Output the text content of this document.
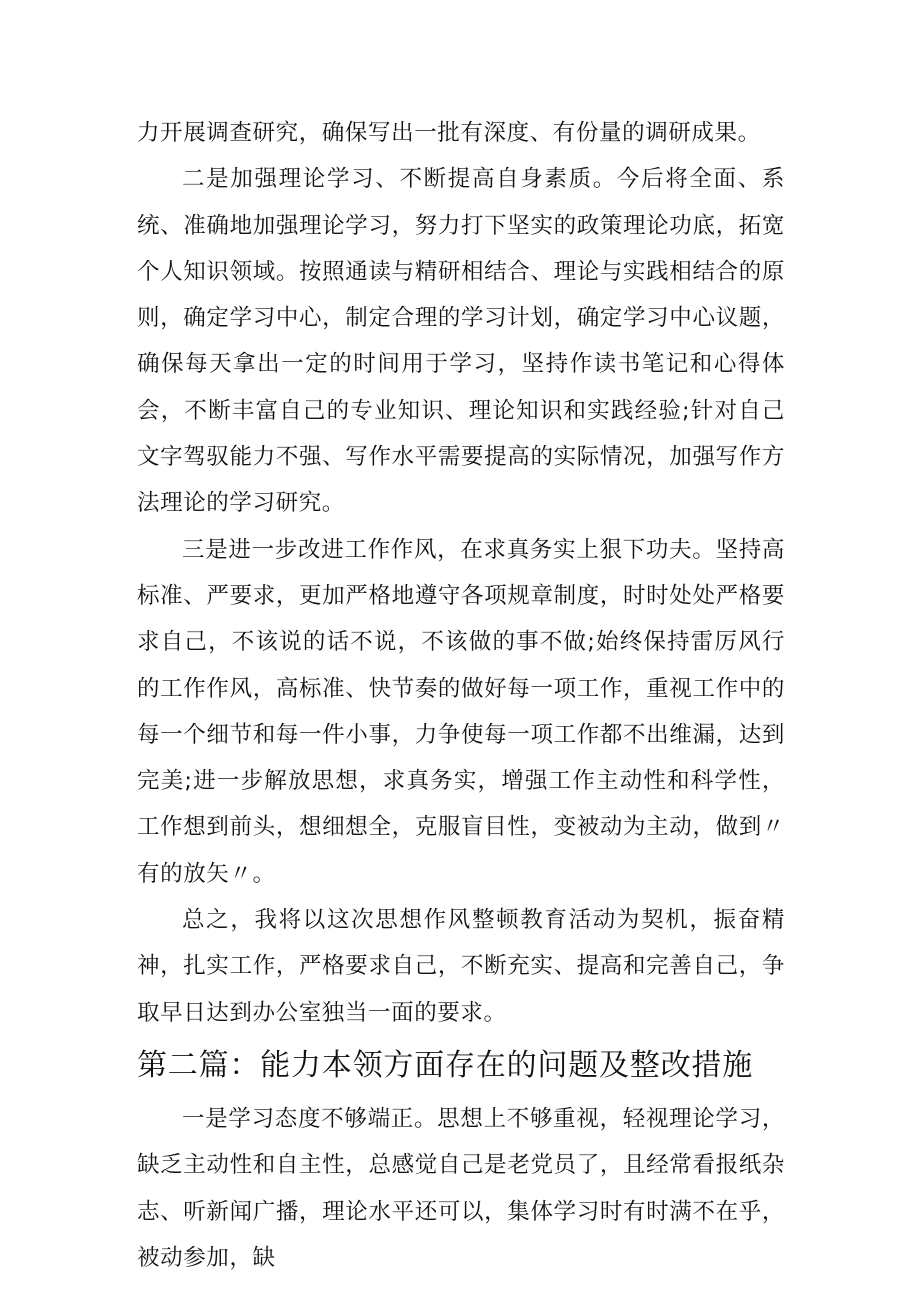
力开展调查研究，确保写出一批有深度、有份量的调研成果。

二是加强理论学习、不断提高自身素质。今后将全面、系统、准确地加强理论学习，努力打下坚实的政策理论功底，拓宽个人知识领域。按照通读与精研相结合、理论与实践相结合的原则，确定学习中心，制定合理的学习计划，确定学习中心议题，确保每天拿出一定的时间用于学习，坚持作读书笔记和心得体会，不断丰富自己的专业知识、理论知识和实践经验;针对自己文字驾驭能力不强、写作水平需要提高的实际情况，加强写作方法理论的学习研究。

三是进一步改进工作作风，在求真务实上狠下功夫。坚持高标准、严要求，更加严格地遵守各项规章制度，时时处处严格要求自己，不该说的话不说，不该做的事不做;始终保持雷厉风行的工作作风，高标准、快节奏的做好每一项工作，重视工作中的每一个细节和每一件小事，力争使每一项工作都不出维漏，达到完美;进一步解放思想，求真务实，增强工作主动性和科学性，工作想到前头，想细想全，克服盲目性，变被动为主动，做到〃有的放矢〃。

总之，我将以这次思想作风整顿教育活动为契机，振奋精神，扎实工作，严格要求自己，不断充实、提高和完善自己，争取早日达到办公室独当一面的要求。

第二篇：能力本领方面存在的问题及整改措施

一是学习态度不够端正。思想上不够重视，轻视理论学习，缺乏主动性和自主性，总感觉自己是老党员了，且经常看报纸杂志、听新闻广播，理论水平还可以，集体学习时有时满不在乎，被动参加，缺
